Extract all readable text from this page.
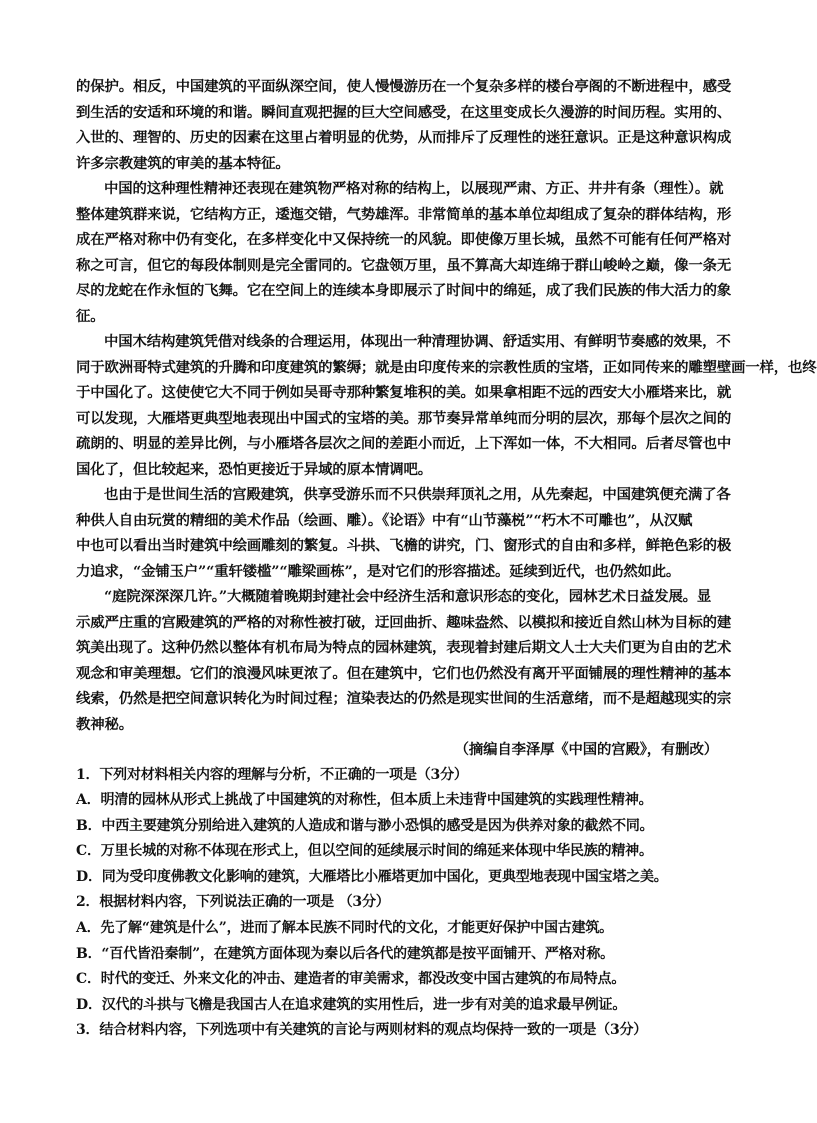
的保护。相反，中国建筑的平面纵深空间，使人慢慢游历在一个复杂多样的楼台亭阁的不断进程中，感受
到生活的安适和环境的和谐。瞬间直观把握的巨大空间感受，在这里变成长久漫游的时间历程。实用的、
入世的、理智的、历史的因素在这里占着明显的优势，从而排斥了反理性的迷狂意识。正是这种意识构成
许多宗教建筑的审美的基本特征。
中国的这种理性精神还表现在建筑物严格对称的结构上，以展现严肃、方正、井井有条（理性）。就
整体建筑群来说，它结构方正，逶迤交错，气势雄浑。非常简单的基本单位却组成了复杂的群体结构，形
成在严格对称中仍有变化，在多样变化中又保持统一的风貌。即使像万里长城，虽然不可能有任何严格对
称之可言，但它的每段体制则是完全雷同的。它盘领万里，虽不算高大却连绵于群山峻岭之巅，像一条无
尽的龙蛇在作永恒的飞舞。它在空间上的连续本身即展示了时间中的绵延，成了我们民族的伟大活力的象
征。
中国木结构建筑凭借对线条的合理运用，体现出一种清理协调、舒适实用、有鲜明节奏感的效果，不
同于欧洲哥特式建筑的升腾和印度建筑的繁缛；就是由印度传来的宗教性质的宝塔，正如同传来的雕塑壁画一样，也终
于中国化了。这使使它大不同于例如吴哥寺那种繁复堆积的美。如果拿相距不远的西安大小雁塔来比，就
可以发现，大雁塔更典型地表现出中国式的宝塔的美。那节奏异常单纯而分明的层次，那每个层次之间的
疏朗的、明显的差异比例，与小雁塔各层次之间的差距小而近，上下浑如一体，不大相同。后者尽管也中
国化了，但比较起来，恐怕更接近于异域的原本情调吧。
也由于是世间生活的宫殿建筑，供享受游乐而不只供崇拜顶礼之用，从先秦起，中国建筑便充满了各
种供人自由玩赏的精细的美术作品（绘画、雕）。《论语》中有“山节藻棁”“朽木不可雕也”，从汉赋
中也可以看出当时建筑中绘画雕刻的繁复。斗拱、飞檐的讲究，门、窗形式的自由和多样，鲜艳色彩的极
力追求，“金铺玉户”“重轩镂槛”“雕梁画栋”，是对它们的形容描述。延续到近代，也仍然如此。
“庭院深深深几许。”大概随着晚期封建社会中经济生活和意识形态的变化，园林艺术日益发展。显
示威严庄重的宫殿建筑的严格的对称性被打破，迂回曲折、趣味盎然、以模拟和接近自然山林为目标的建
筑美出现了。这种仍然以整体有机布局为特点的园林建筑，表现着封建后期文人士大夫们更为自由的艺术
观念和审美理想。它们的浪漫风味更浓了。但在建筑中，它们也仍然没有离开平面铺展的理性精神的基本
线索，仍然是把空间意识转化为时间过程；渲染表达的仍然是现实世间的生活意绪，而不是超越现实的宗
教神秘。
（摘编自李泽厚《中国的宫殿》，有删改）
1．下列对材料相关内容的理解与分析，不正确的一项是（3分）
A．明清的园林从形式上挑战了中国建筑的对称性，但本质上未违背中国建筑的实践理性精神。
B．中西主要建筑分别给进入建筑的人造成和谐与渺小恐惧的感受是因为供养对象的截然不同。
C．万里长城的对称不体现在形式上，但以空间的延续展示时间的绵延来体现中华民族的精神。
D．同为受印度佛教文化影响的建筑，大雁塔比小雁塔更加中国化，更典型地表现中国宝塔之美。
2．根据材料内容，下列说法正确的一项是 （3分）
A．先了解“建筑是什么”，进而了解本民族不同时代的文化，才能更好保护中国古建筑。
B．“百代皆沿秦制”，在建筑方面体现为秦以后各代的建筑都是按平面铺开、严格对称。
C．时代的变迁、外来文化的冲击、建造者的审美需求，都没改变中国古建筑的布局特点。
D．汉代的斗拱与飞檐是我国古人在追求建筑的实用性后，进一步有对美的追求最早例证。
3．结合材料内容，下列选项中有关建筑的言论与两则材料的观点均保持一致的一项是（3分）
